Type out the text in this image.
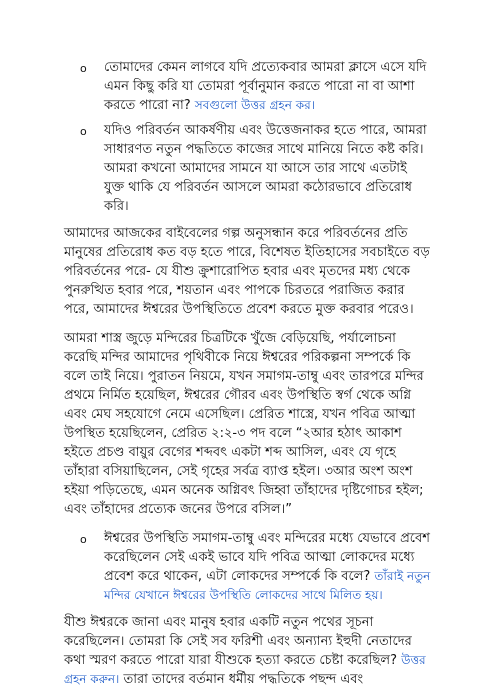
o তোমাদের কেমন লাগবে যদি প্রত্যেকবার আমরা ক্লাসে এসে যদি এমন কিছু করি যা তোমরা পূর্বানুমান করতে পারো না বা আশা করতে পারো না? সবগুলো উত্তর গ্রহন কর।

o যদিও পরিবর্তন আকর্ষণীয় এবং উত্তেজনাকর হতে পারে, আমরা সাধারণত নতুন পদ্ধতিতে কাজের সাথে মানিয়ে নিতে কষ্ট করি। আমরা কখনো আমাদের সামনে যা আসে তার সাথে এতটাই যুক্ত থাকি যে পরিবর্তন আসলে আমরা কঠোরভাবে প্রতিরোধ করি।

আমাদের আজকের বাইবেলের গল্প অনুসন্ধান করে পরিবর্তনের প্রতি মানুষের প্রতিরোধ কত বড় হতে পারে, বিশেষত ইতিহাসের সবচাইতে বড় পরিবর্তনের পরে- যে যীশু ক্রুশারোপিত হবার এবং মৃতদের মধ্য থেকে পুনরুত্থিত হবার পরে, শয়তান এবং পাপকে চিরতরে পরাজিত করার পরে, আমাদের ঈশ্বরের উপস্থিতিতে প্রবেশ করতে মুক্ত করবার পরেও।

আমরা শাস্ত্র জুড়ে মন্দিরের চিত্রটিকে খুঁজে বেড়িয়েছি, পর্যালোচনা করেছি মন্দির আমাদের পৃথিবীকে নিয়ে ঈশ্বরের পরিকল্পনা সম্পর্কে কি বলে তাই নিয়ে। পুরাতন নিয়মে, যখন সমাগম-তাম্বু এবং তারপরে মন্দির প্রথমে নির্মিত হয়েছিল, ঈশ্বরের গৌরব এবং উপস্থিতি স্বর্গ থেকে অগ্নি এবং মেঘ সহযোগে নেমে এসেছিল। প্রেরিত শাস্ত্রে, যখন পবিত্র আত্মা উপস্থিত হয়েছিলেন, প্রেরিত ২:২-৩ পদ বলে “২আর হঠাৎ আকাশ হইতে প্রচণ্ড বায়ুর বেগের শব্দবৎ একটা শব্দ আসিল, এবং যে গৃহে তাঁহারা বসিয়াছিলেন, সেই গৃহের সর্বত্র ব্যাপ্ত হইল। ৩আর অংশ অংশ হইয়া পড়িতেছে, এমন অনেক অগ্নিবৎ জিহ্বা তাঁহাদের দৃষ্টিগোচর হইল; এবং তাঁহাদের প্রত্যেক জনের উপরে বসিল।”

o ঈশ্বরের উপস্থিতি সমাগম-তাম্বু এবং মন্দিরের মধ্যে যেভাবে প্রবেশ করেছিলেন সেই একই ভাবে যদি পবিত্র আত্মা লোকদের মধ্যে প্রবেশ করে থাকেন, এটা লোকদের সম্পর্কে কি বলে? তাঁরাই নতুন মন্দির যেখানে ঈশ্বরের উপস্থিতি লোকদের সাথে মিলিত হয়।

যীশু ঈশ্বরকে জানা এবং মানুষ হবার একটি নতুন পথের সূচনা করেছিলেন। তোমরা কি সেই সব ফরিশী এবং অন্যান্য ইহুদী নেতাদের কথা স্মরণ করতে পারো যারা যীশুকে হত্যা করতে চেষ্টা করেছিল? উত্তর গ্রহন করুন। তারা তাদের বর্তমান ধর্মীয় পদ্ধতিকে পছন্দ এবং
